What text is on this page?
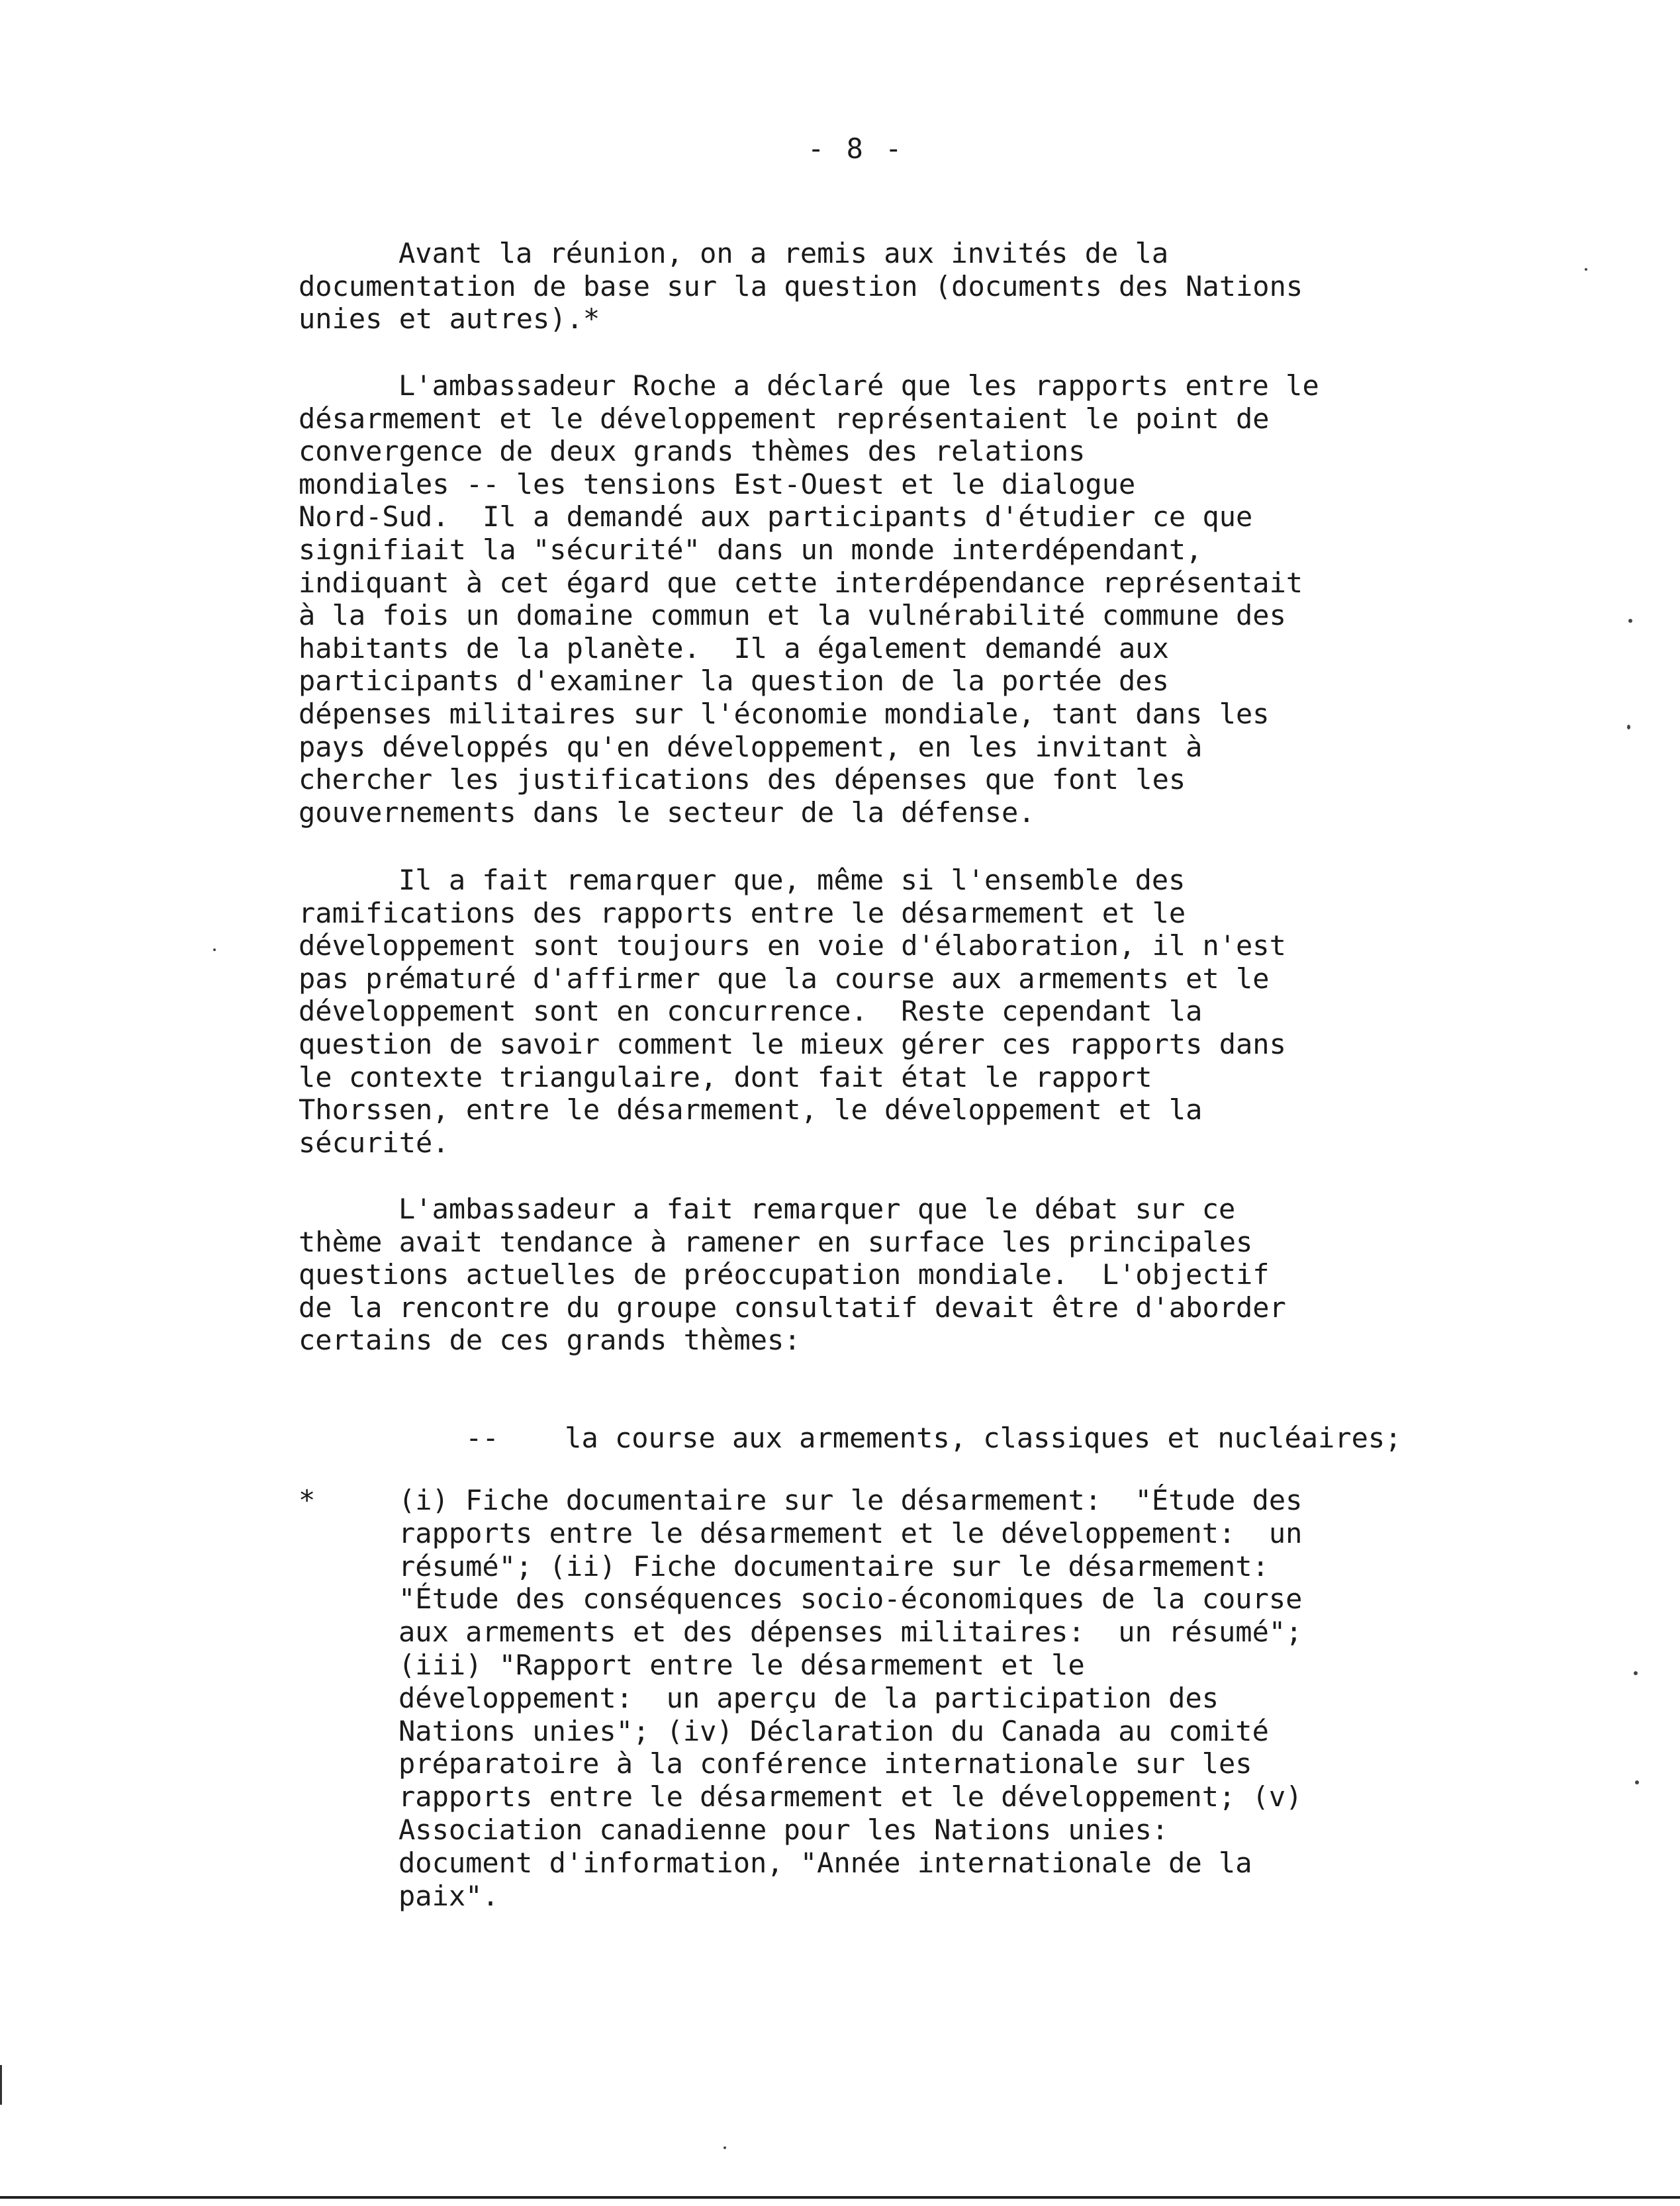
- 8 -
Avant la réunion, on a remis aux invités de la
documentation de base sur la question (documents des Nations
unies et autres).*
L'ambassadeur Roche a déclaré que les rapports entre le
désarmement et le développement représentaient le point de
convergence de deux grands thèmes des relations
mondiales -- les tensions Est-Ouest et le dialogue
Nord-Sud.  Il a demandé aux participants d'étudier ce que
signifiait la "sécurité" dans un monde interdépendant,
indiquant à cet égard que cette interdépendance représentait
à la fois un domaine commun et la vulnérabilité commune des
habitants de la planète.  Il a également demandé aux
participants d'examiner la question de la portée des
dépenses militaires sur l'économie mondiale, tant dans les
pays développés qu'en développement, en les invitant à
chercher les justifications des dépenses que font les
gouvernements dans le secteur de la défense.
Il a fait remarquer que, même si l'ensemble des
ramifications des rapports entre le désarmement et le
développement sont toujours en voie d'élaboration, il n'est
pas prématuré d'affirmer que la course aux armements et le
développement sont en concurrence.  Reste cependant la
question de savoir comment le mieux gérer ces rapports dans
le contexte triangulaire, dont fait état le rapport
Thorssen, entre le désarmement, le développement et la
sécurité.
L'ambassadeur a fait remarquer que le débat sur ce
thème avait tendance à ramener en surface les principales
questions actuelles de préoccupation mondiale.  L'objectif
de la rencontre du groupe consultatif devait être d'aborder
certains de ces grands thèmes:

-- la course aux armements, classiques et nucléaires;

*	(i) Fiche documentaire sur le désarmement:  "Étude des
rapports entre le désarmement et le développement:  un
résumé"; (ii) Fiche documentaire sur le désarmement:
"Étude des conséquences socio-économiques de la course
aux armements et des dépenses militaires:  un résumé";
(iii) "Rapport entre le désarmement et le
développement:  un aperçu de la participation des
Nations unies"; (iv) Déclaration du Canada au comité
préparatoire à la conférence internationale sur les
rapports entre le désarmement et le développement; (v)
Association canadienne pour les Nations unies:
document d'information, "Année internationale de la
paix".
